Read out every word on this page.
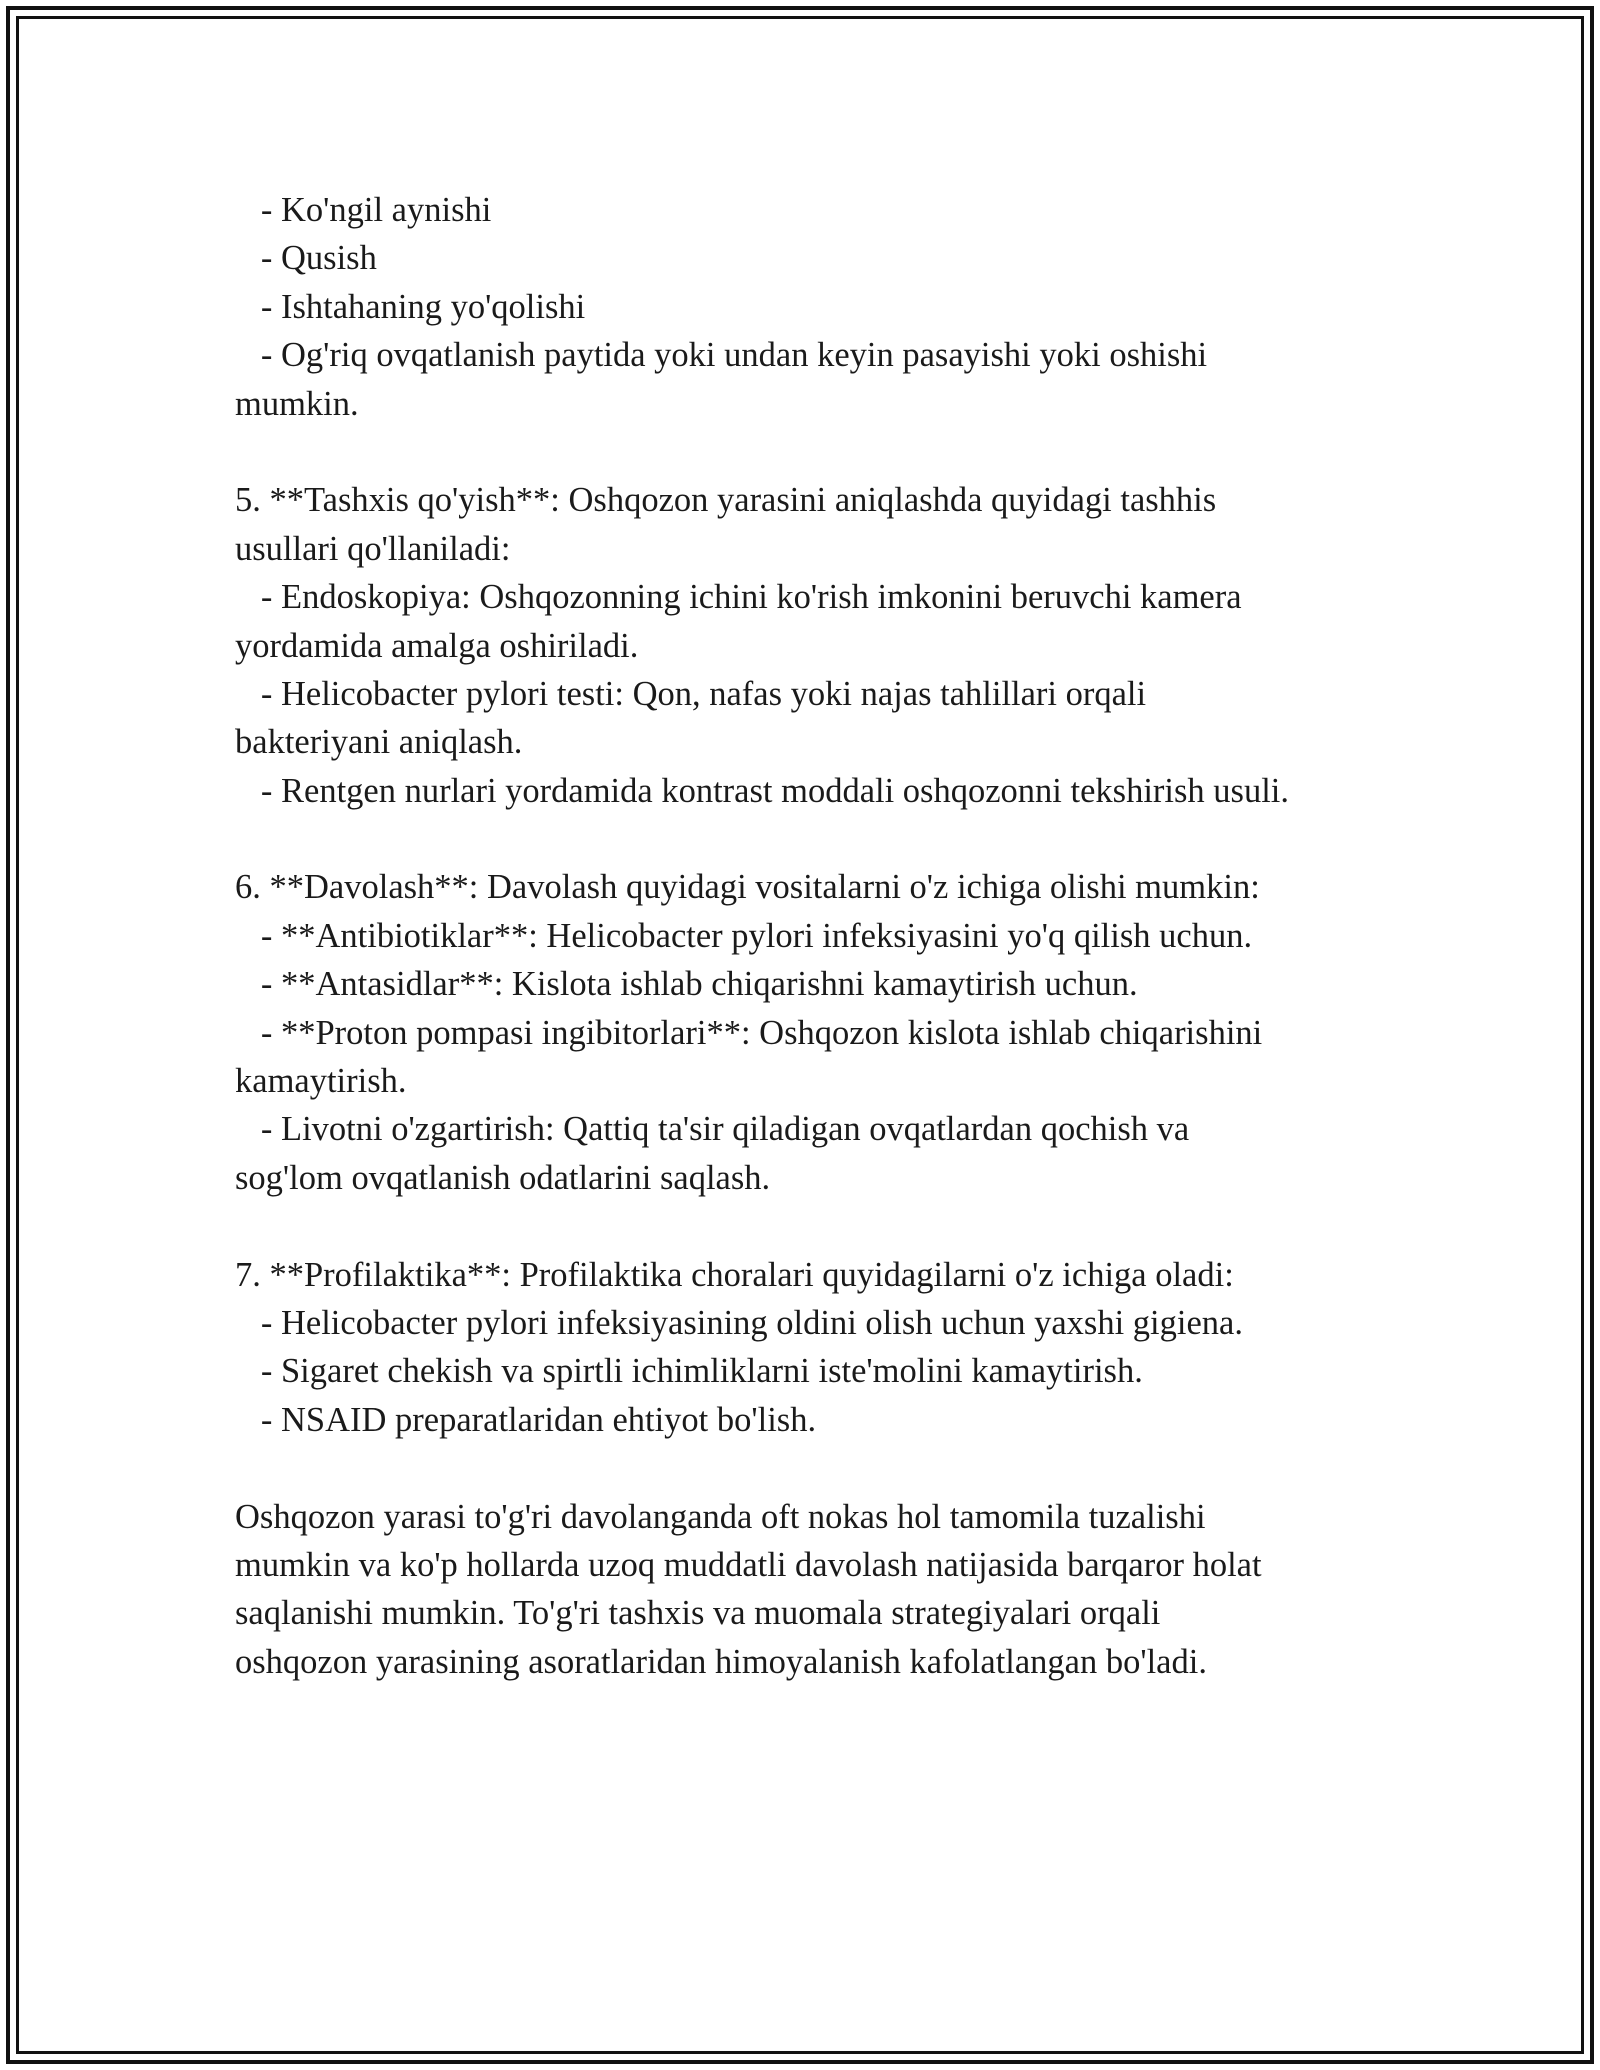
- Ko'ngil aynishi
- Qusish
- Ishtahaning yo'qolishi
- Og'riq ovqatlanish paytida yoki undan keyin pasayishi yoki oshishi
mumkin.
5. **Tashxis qo'yish**: Oshqozon yarasini aniqlashda quyidagi tashhis
usullari qo'llaniladi:
- Endoskopiya: Oshqozonning ichini ko'rish imkonini beruvchi kamera
yordamida amalga oshiriladi.
- Helicobacter pylori testi: Qon, nafas yoki najas tahlillari orqali
bakteriyani aniqlash.
- Rentgen nurlari yordamida kontrast moddali oshqozonni tekshirish usuli.
6. **Davolash**: Davolash quyidagi vositalarni o'z ichiga olishi mumkin:
- **Antibiotiklar**: Helicobacter pylori infeksiyasini yo'q qilish uchun.
- **Antasidlar**: Kislota ishlab chiqarishni kamaytirish uchun.
- **Proton pompasi ingibitorlari**: Oshqozon kislota ishlab chiqarishini
kamaytirish.
- Livotni o'zgartirish: Qattiq ta'sir qiladigan ovqatlardan qochish va
sog'lom ovqatlanish odatlarini saqlash.
7. **Profilaktika**: Profilaktika choralari quyidagilarni o'z ichiga oladi:
- Helicobacter pylori infeksiyasining oldini olish uchun yaxshi gigiena.
- Sigaret chekish va spirtli ichimliklarni iste'molini kamaytirish.
- NSAID preparatlaridan ehtiyot bo'lish.
Oshqozon yarasi to'g'ri davolanganda oft nokas hol tamomila tuzalishi
mumkin va ko'p hollarda uzoq muddatli davolash natijasida barqaror holat
saqlanishi mumkin. To'g'ri tashxis va muomala strategiyalari orqali
oshqozon yarasining asoratlaridan himoyalanish kafolatlangan bo'ladi.
